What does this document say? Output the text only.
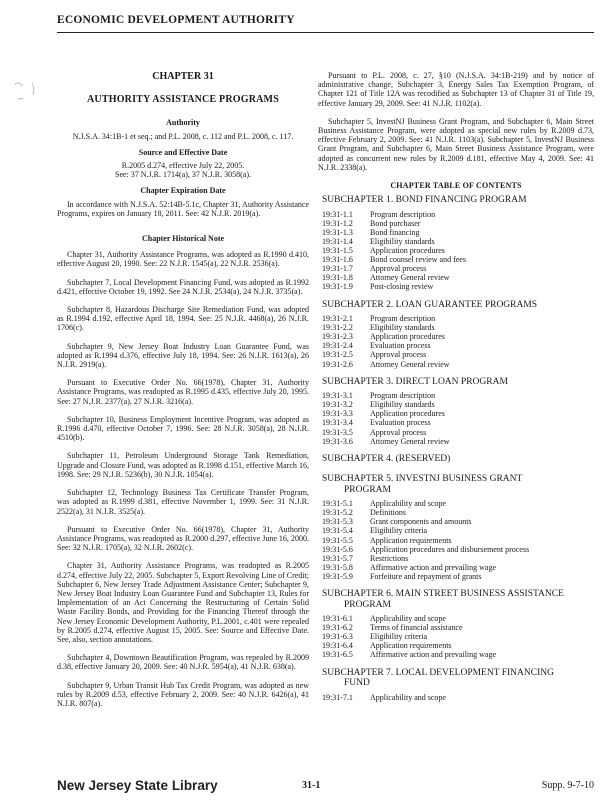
ECONOMIC DEVELOPMENT AUTHORITY
CHAPTER 31
AUTHORITY ASSISTANCE PROGRAMS
Authority
N.J.S.A. 34:1B-1 et seq.; and P.L. 2008, c. 112 and P.L. 2008, c. 117.
Source and Effective Date
R.2005 d.274, effective July 22, 2005.
See: 37 N.J.R. 1714(a), 37 N.J.R. 3058(a).
Chapter Expiration Date

In accordance with N.J.S.A. 52:14B-5.1c, Chapter 31, Authority Assistance Programs, expires on January 18, 2011. See: 42 N.J.R. 2019(a).

Chapter Historical Note

Chapter 31, Authority Assistance Programs, was adopted as R.1990 d.410, effective August 20, 1990. See: 22 N.J.R. 1545(a), 22 N.J.R. 2536(a).

Subchapter 7, Local Development Financing Fund, was adopted as R.1992 d.421, effective October 19, 1992. See 24 N.J.R. 2534(a), 24 N.J.R. 3735(a).

Subchapter 8, Hazardous Discharge Site Remediation Fund, was adopted as R.1994 d.192, effective April 18, 1994. See: 25 N.J.R. 4468(a), 26 N.J.R. 1706(c).

Subchapter 9, New Jersey Boat Industry Loan Guarantee Fund, was adopted as R.1994 d.376, effective July 18, 1994. See: 26 N.J.R. 1613(a), 26 N.J.R. 2919(a).

Pursuant to Executive Order No. 66(1978), Chapter 31, Authority Assistance Programs, was readopted as R.1995 d.435, effective July 20, 1995. See: 27 N.J.R. 2377(a), 27 N.J.R. 3216(a).

Subchapter 10, Business Employment Incentive Program, was adopted as R.1996 d.470, effective October 7, 1996. See: 28 N.J.R. 3058(a), 28 N.J.R. 4510(b).

Subchapter 11, Petroleum Underground Storage Tank Remediation, Upgrade and Closure Fund, was adopted as R.1998 d.151, effective March 16, 1998. See: 29 N.J.R. 5236(b), 30 N.J.R. 1054(a).

Subchapter 12, Technology Business Tax Certificate Transfer Program, was adopted as R.1999 d.381, effective November 1, 1999. See: 31 N.J.R. 2522(a), 31 N.J.R. 3525(a).

Pursuant to Executive Order No. 66(1978), Chapter 31, Authority Assistance Programs, was readopted as R.2000 d.297, effective June 16, 2000. See: 32 N.J.R. 1705(a), 32 N.J.R. 2602(c).

Chapter 31, Authority Assistance Programs, was readopted as R.2005 d.274, effective July 22, 2005. Subchapter 5, Export Revolving Line of Credit; Subchapter 6, New Jersey Trade Adjustment Assistance Center; Subchapter 9, New Jersey Boat Industry Loan Guarantee Fund and Subchapter 13, Rules for Implementation of an Act Concerning the Restructuring of Certain Solid Waste Facility Bonds, and Providing for the Financing Thereof through the New Jersey Economic Development Authority, P.L.2001, c.401 were repealed by R.2005 d.274, effective August 15, 2005. See: Source and Effective Date. See, also, section annotations.

Subchapter 4, Downtown Beautification Program, was repealed by R.2009 d.38, effective January 20, 2009. See: 40 N.J.R. 5954(a), 41 N.J.R. 638(a).

Subchapter 9, Urban Transit Hub Tax Credit Program, was adopted as new rules by R.2009 d.53, effective February 2, 2009. See: 40 N.J.R. 6426(a), 41 N.J.R. 807(a).

Pursuant to P.L. 2008, c. 27, §10 (N.J.S.A. 34:1B-219) and by notice of administrative change, Subchapter 3, Energy Sales Tax Exemption Program, of Chapter 121 of Title 12A was recodified as Subchapter 13 of Chapter 31 of Title 19, effective January 29, 2009. See: 41 N.J.R. 1102(a).

Subchapter 5, InvestNJ Business Grant Program, and Subchapter 6, Main Street Business Assistance Program, were adopted as special new rules by R.2009 d.73, effective February 2, 2009. See: 41 N.J.R. 1103(a). Subchapter 5, InvestNJ Business Grant Program, and Subchapter 6, Main Street Business Assistance Program, were adopted as concurrent new rules by R.2009 d.181, effective May 4, 2009. See: 41 N.J.R. 2338(a).

CHAPTER TABLE OF CONTENTS
SUBCHAPTER 1. BOND FINANCING PROGRAM
19:31-1.1	Program description
19:31-1.2	Bond purchaser
19:31-1.3	Bond financing
19:31-1.4	Eligibility standards
19:31-1.5	Application procedures
19:31-1.6	Bond counsel review and fees
19:31-1.7	Approval process
19:31-1.8	Attorney General review
19:31-1.9	Post-closing review
SUBCHAPTER 2. LOAN GUARANTEE PROGRAMS
19:31-2.1	Program description
19:31-2.2	Eligibility standards
19:31-2.3	Application procedures
19:31-2.4	Evaluation process
19:31-2.5	Approval process
19:31-2.6	Attorney General review
SUBCHAPTER 3. DIRECT LOAN PROGRAM
19:31-3.1	Program description
19:31-3.2	Eligibility standards
19:31-3.3	Application procedures
19:31-3.4	Evaluation process
19:31-3.5	Approval process
19:31-3.6	Attorney General review
SUBCHAPTER 4. (RESERVED)
SUBCHAPTER 5. INVESTNJ BUSINESS GRANT
PROGRAM
19:31-5.1	Applicability and scope
19:31-5.2	Definitions
19:31-5.3	Grant components and amounts
19:31-5.4	Eligibility criteria
19:31-5.5	Application requirements
19:31-5.6	Application procedures and disbursement process
19:31-5.7	Restrictions
19:31-5.8	Affirmative action and prevailing wage
19:31-5.9	Forfeiture and repayment of grants
SUBCHAPTER 6. MAIN STREET BUSINESS ASSISTANCE
PROGRAM
19:31-6.1	Applicability and scope
19:31-6.2	Terms of financial assistance
19:31-6.3	Eligibility criteria
19:31-6.4	Application requirements
19:31-6.5	Affirmative action and prevailing wage
SUBCHAPTER 7. LOCAL DEVELOPMENT FINANCING
FUND
19:31-7.1	Applicability and scope
New Jersey State Library	31-1	Supp. 9-7-10
